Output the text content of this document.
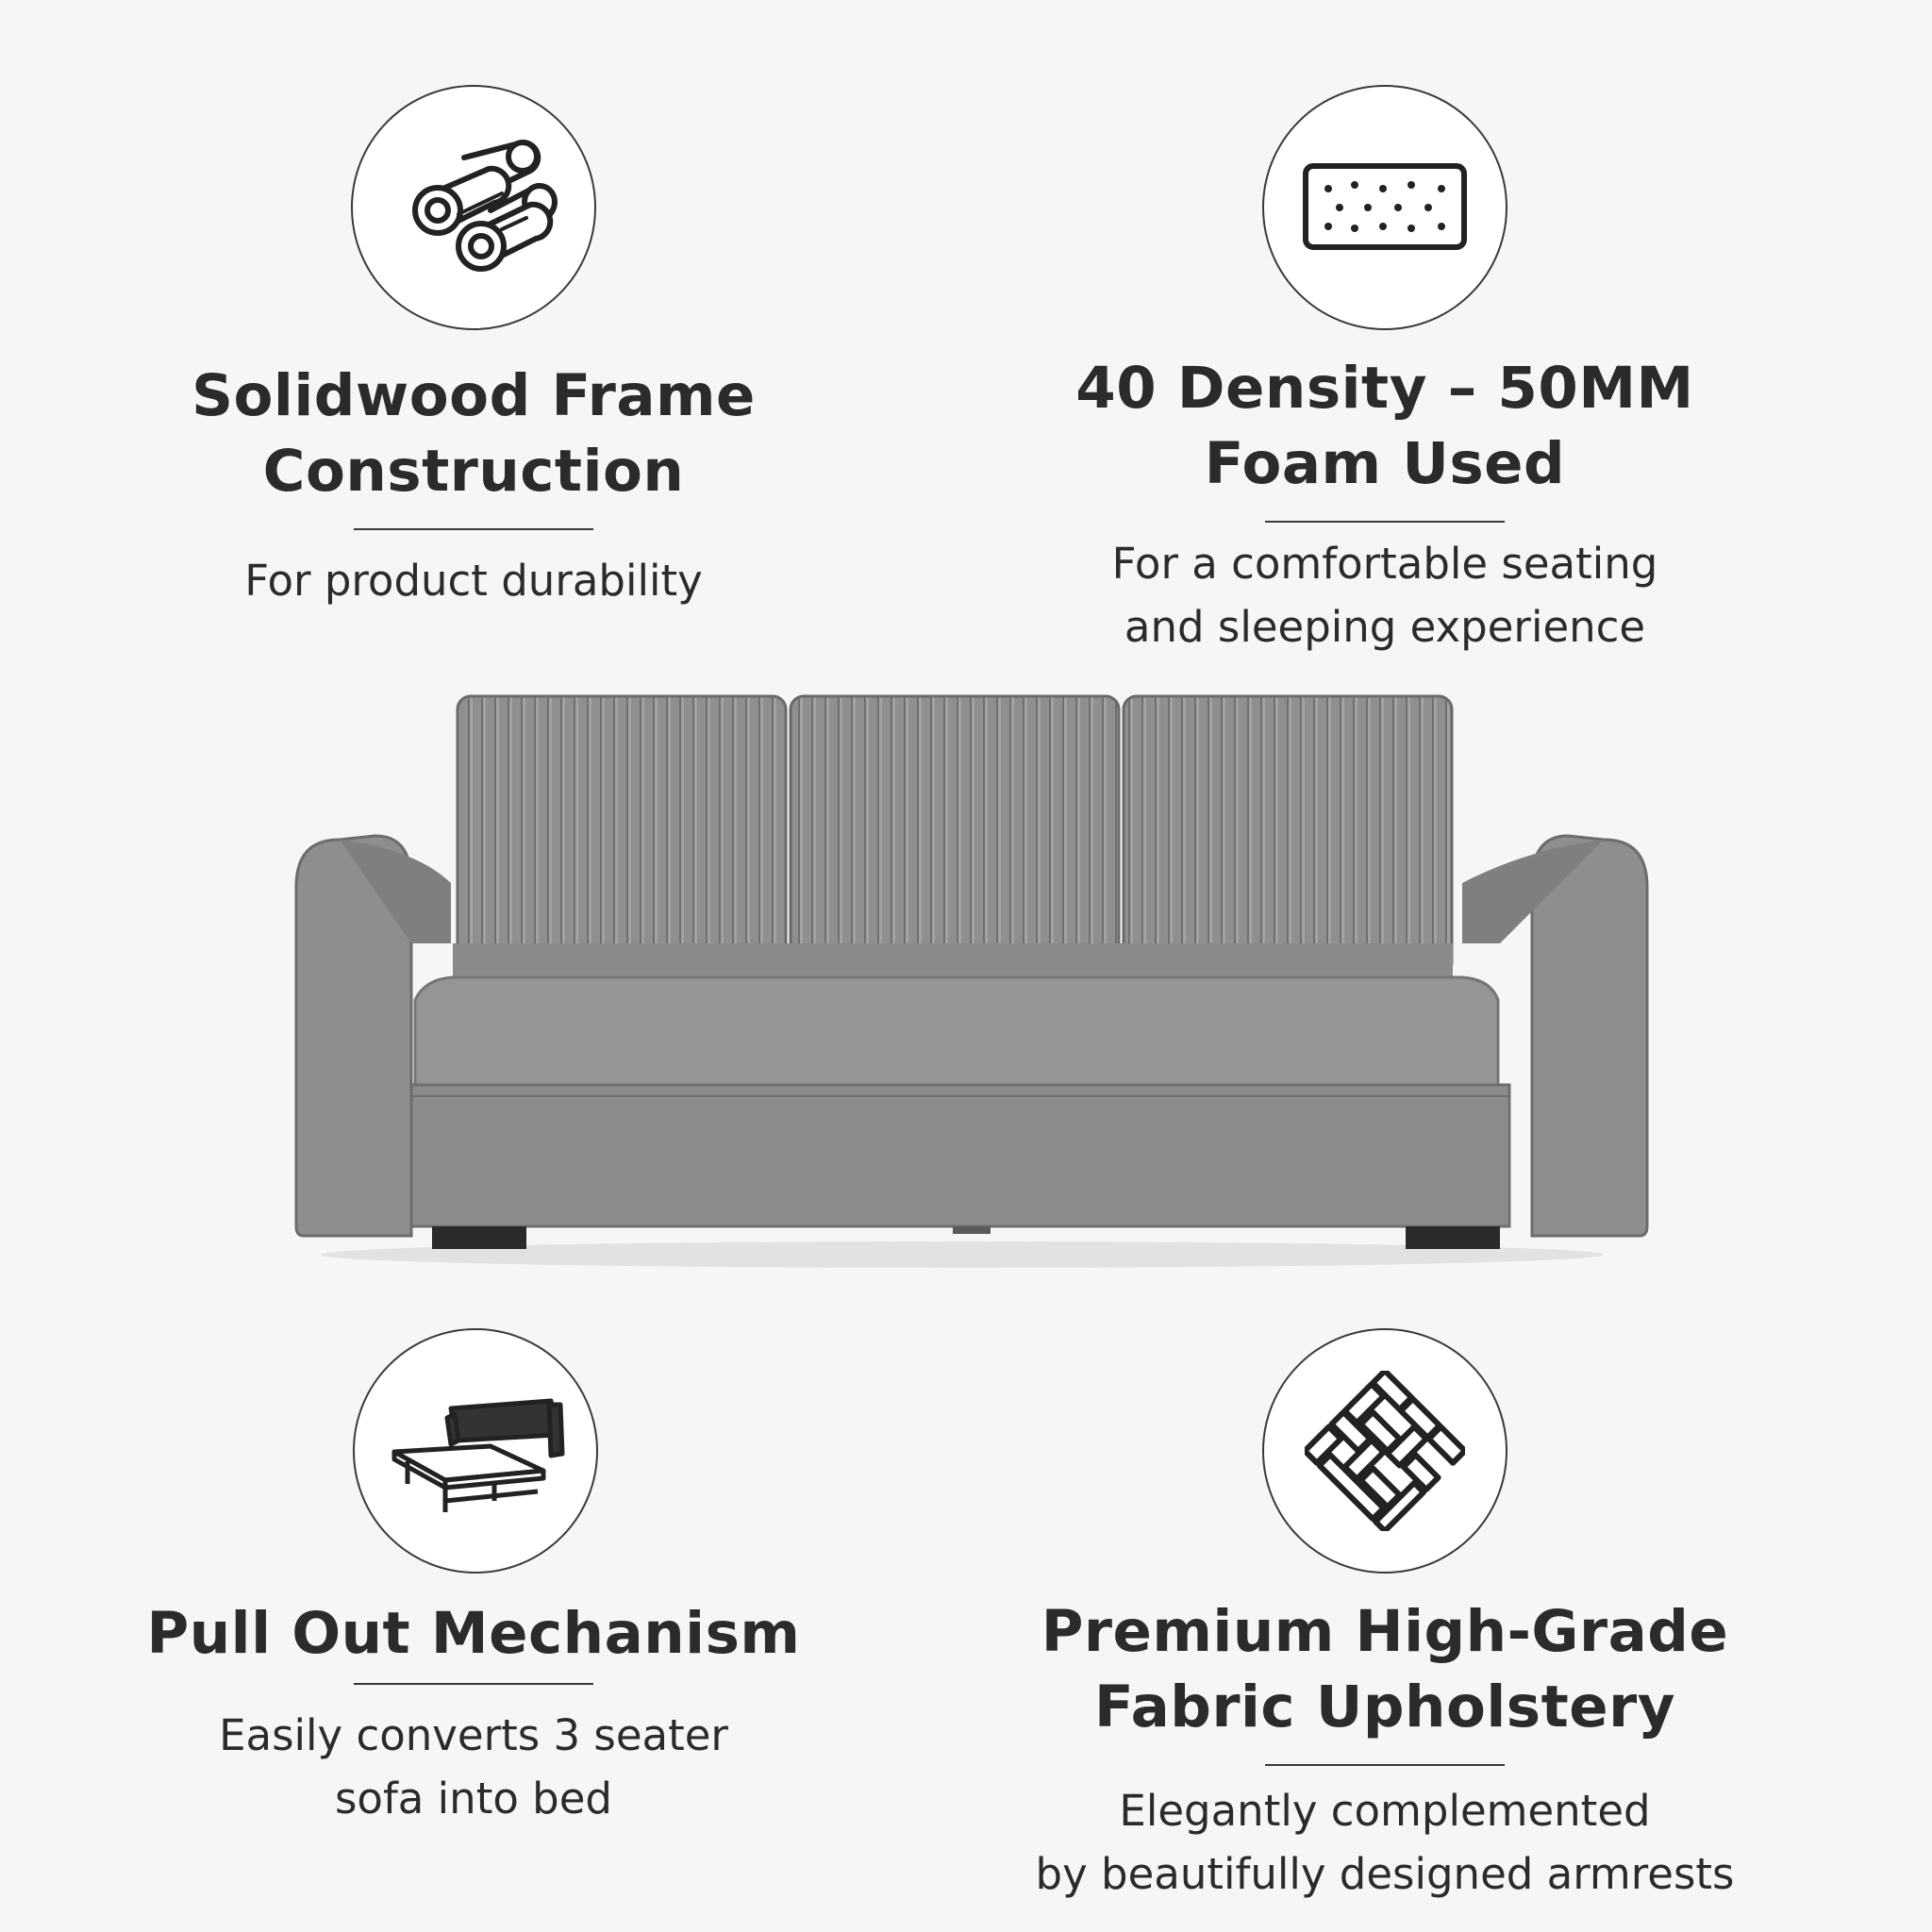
Solidwood Frame
Construction

For product durability

40 Density – 50MM
Foam Used

For a comfortable seating
and sleeping experience

Pull Out Mechanism

Easily converts 3 seater
sofa into bed

Premium High-Grade
Fabric Upholstery

Elegantly complemented
by beautifully designed armrests
